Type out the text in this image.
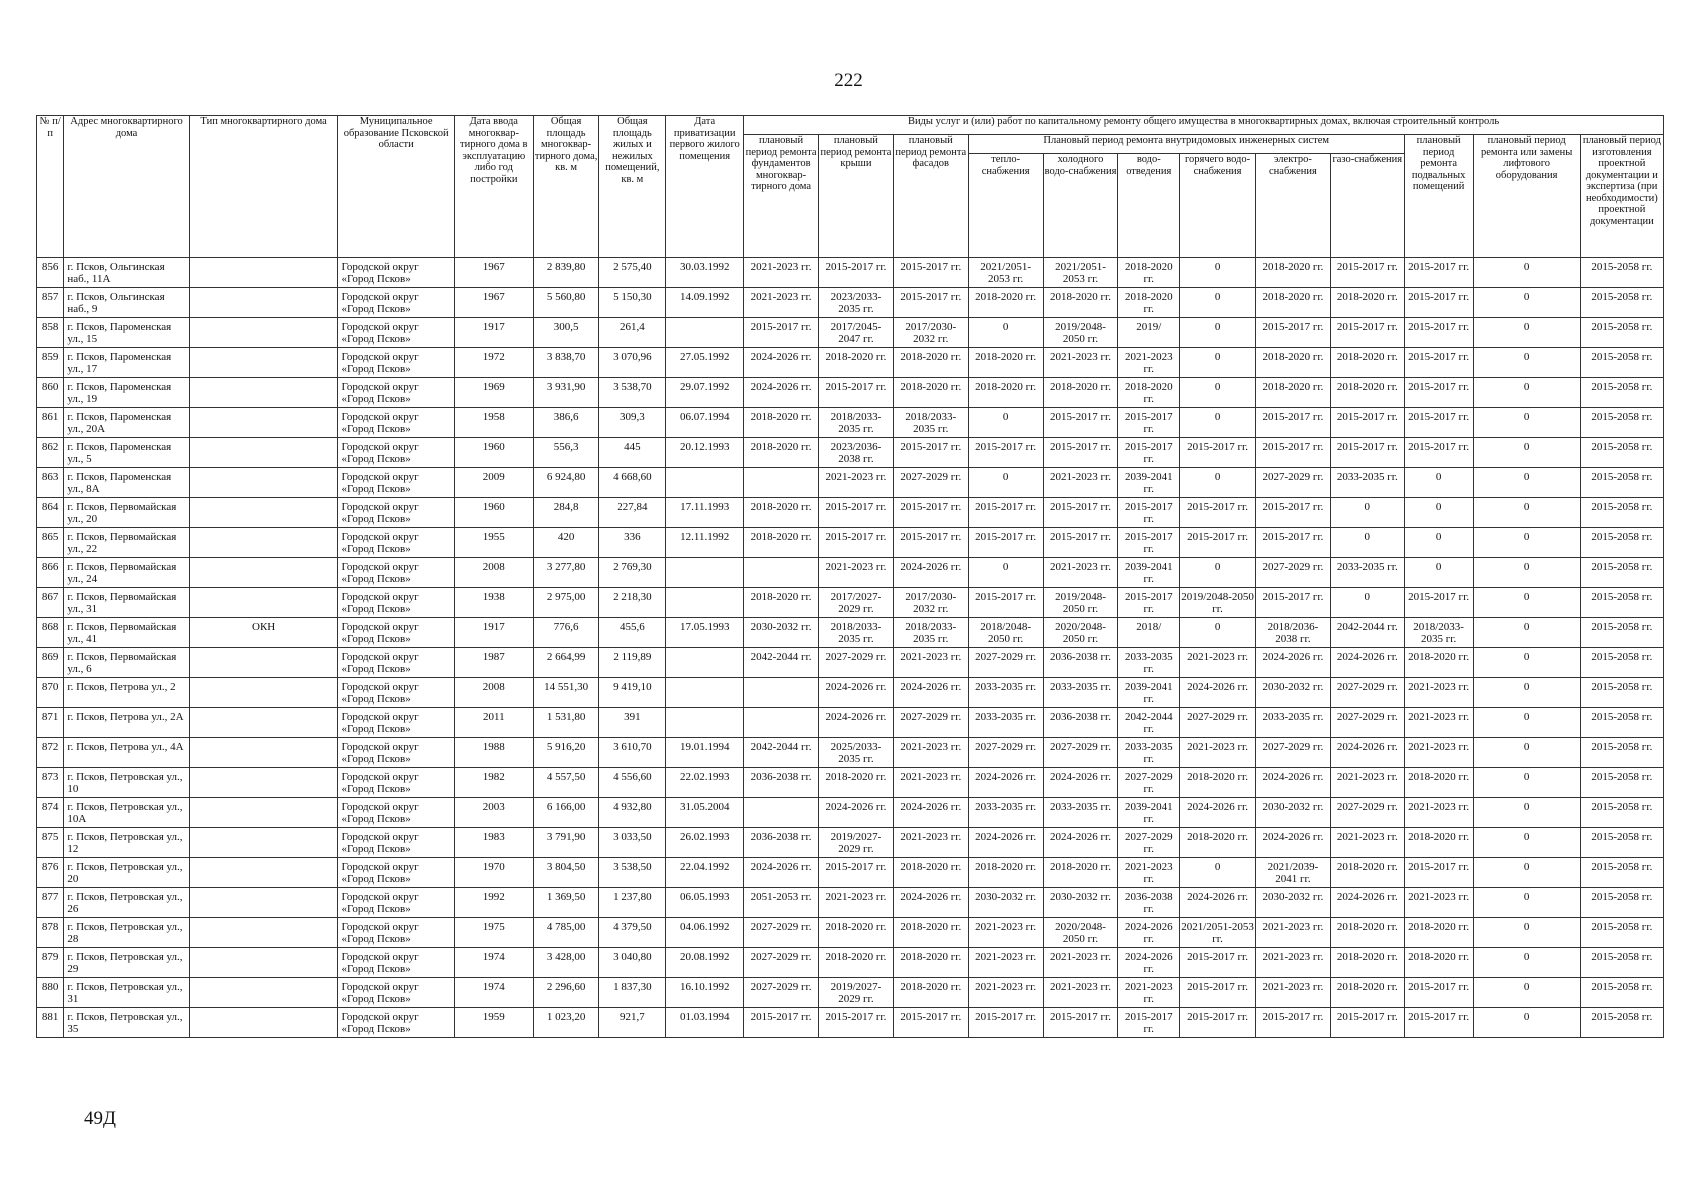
222
№ п/п	Адрес многоквартирного дома	Тип многоквартирного дома	Муниципальное образование Псковской области	Дата ввода многоквар-тирного дома в эксплуатацию либо год постройки	Общая площадь многоквар-тирного дома, кв. м	Общая площадь жилых и нежилых помещений, кв. м	Дата приватизации первого жилого помещения	Виды услуг и (или) работ по капитальному ремонту общего имущества в многоквартирных домах, включая строительный контроль											
								плановый период ремонта фундаментов многоквар-тирного дома	плановый период ремонта крыши	плановый период ремонта фасадов	Плановый период ремонта внутридомовых инженерных систем						плановый период ремонта подвальных помещений	плановый период ремонта или замены лифтового оборудования	плановый период изготовления проектной документации и экспертиза (при необходимости) проектной документации
											тепло-снабжения	холодного водо-снабжения	водо-отведения	горячего водо-снабжения	электро-снабжения	газо-снабжения			
856	г. Псков, Ольгинская наб., 11А		Городской округ «Город Псков»	1967	2 839,80	2 575,40	30.03.1992	2021-2023 гг.	2015-2017 гг.	2015-2017 гг.	2021/2051-2053 гг.	2021/2051-2053 гг.	2018-2020 гг.	0	2018-2020 гг.	2015-2017 гг.	2015-2017 гг.	0	2015-2058 гг.
857	г. Псков, Ольгинская наб., 9		Городской округ «Город Псков»	1967	5 560,80	5 150,30	14.09.1992	2021-2023 гг.	2023/2033-2035 гг.	2015-2017 гг.	2018-2020 гг.	2018-2020 гг.	2018-2020 гг.	0	2018-2020 гг.	2018-2020 гг.	2015-2017 гг.	0	2015-2058 гг.
858	г. Псков, Пароменская ул., 15		Городской округ «Город Псков»	1917	300,5	261,4		2015-2017 гг.	2017/2045-2047 гг.	2017/2030-2032 гг.	0	2019/2048-2050 гг.	2019/	0	2015-2017 гг.	2015-2017 гг.	2015-2017 гг.	0	2015-2058 гг.
859	г. Псков, Пароменская ул., 17		Городской округ «Город Псков»	1972	3 838,70	3 070,96	27.05.1992	2024-2026 гг.	2018-2020 гг.	2018-2020 гг.	2018-2020 гг.	2021-2023 гг.	2021-2023 гг.	0	2018-2020 гг.	2018-2020 гг.	2015-2017 гг.	0	2015-2058 гг.
860	г. Псков, Пароменская ул., 19		Городской округ «Город Псков»	1969	3 931,90	3 538,70	29.07.1992	2024-2026 гг.	2015-2017 гг.	2018-2020 гг.	2018-2020 гг.	2018-2020 гг.	2018-2020 гг.	0	2018-2020 гг.	2018-2020 гг.	2015-2017 гг.	0	2015-2058 гг.
861	г. Псков, Пароменская ул., 20А		Городской округ «Город Псков»	1958	386,6	309,3	06.07.1994	2018-2020 гг.	2018/2033-2035 гг.	2018/2033-2035 гг.	0	2015-2017 гг.	2015-2017 гг.	0	2015-2017 гг.	2015-2017 гг.	2015-2017 гг.	0	2015-2058 гг.
862	г. Псков, Пароменская ул., 5		Городской округ «Город Псков»	1960	556,3	445	20.12.1993	2018-2020 гг.	2023/2036-2038 гг.	2015-2017 гг.	2015-2017 гг.	2015-2017 гг.	2015-2017 гг.	2015-2017 гг.	2015-2017 гг.	2015-2017 гг.	2015-2017 гг.	0	2015-2058 гг.
863	г. Псков, Пароменская ул., 8А		Городской округ «Город Псков»	2009	6 924,80	4 668,60			2021-2023 гг.	2027-2029 гг.	0	2021-2023 гг.	2039-2041 гг.	0	2027-2029 гг.	2033-2035 гг.	0	0	2015-2058 гг.
864	г. Псков, Первомайская ул., 20		Городской округ «Город Псков»	1960	284,8	227,84	17.11.1993	2018-2020 гг.	2015-2017 гг.	2015-2017 гг.	2015-2017 гг.	2015-2017 гг.	2015-2017 гг.	2015-2017 гг.	2015-2017 гг.	0	0	0	2015-2058 гг.
865	г. Псков, Первомайская ул., 22		Городской округ «Город Псков»	1955	420	336	12.11.1992	2018-2020 гг.	2015-2017 гг.	2015-2017 гг.	2015-2017 гг.	2015-2017 гг.	2015-2017 гг.	2015-2017 гг.	2015-2017 гг.	0	0	0	2015-2058 гг.
866	г. Псков, Первомайская ул., 24		Городской округ «Город Псков»	2008	3 277,80	2 769,30			2021-2023 гг.	2024-2026 гг.	0	2021-2023 гг.	2039-2041 гг.	0	2027-2029 гг.	2033-2035 гг.	0	0	2015-2058 гг.
867	г. Псков, Первомайская ул., 31		Городской округ «Город Псков»	1938	2 975,00	2 218,30		2018-2020 гг.	2017/2027-2029 гг.	2017/2030-2032 гг.	2015-2017 гг.	2019/2048-2050 гг.	2015-2017 гг.	2019/2048-2050 гг.	2015-2017 гг.	0	2015-2017 гг.	0	2015-2058 гг.
868	г. Псков, Первомайская ул., 41	ОКН	Городской округ «Город Псков»	1917	776,6	455,6	17.05.1993	2030-2032 гг.	2018/2033-2035 гг.	2018/2033-2035 гг.	2018/2048-2050 гг.	2020/2048-2050 гг.	2018/	0	2018/2036-2038 гг.	2042-2044 гг.	2018/2033-2035 гг.	0	2015-2058 гг.
869	г. Псков, Первомайская ул., 6		Городской округ «Город Псков»	1987	2 664,99	2 119,89		2042-2044 гг.	2027-2029 гг.	2021-2023 гг.	2027-2029 гг.	2036-2038 гг.	2033-2035 гг.	2021-2023 гг.	2024-2026 гг.	2024-2026 гг.	2018-2020 гг.	0	2015-2058 гг.
870	г. Псков, Петрова ул., 2		Городской округ «Город Псков»	2008	14 551,30	9 419,10			2024-2026 гг.	2024-2026 гг.	2033-2035 гг.	2033-2035 гг.	2039-2041 гг.	2024-2026 гг.	2030-2032 гг.	2027-2029 гг.	2021-2023 гг.	0	2015-2058 гг.
871	г. Псков, Петрова ул., 2А		Городской округ «Город Псков»	2011	1 531,80	391			2024-2026 гг.	2027-2029 гг.	2033-2035 гг.	2036-2038 гг.	2042-2044 гг.	2027-2029 гг.	2033-2035 гг.	2027-2029 гг.	2021-2023 гг.	0	2015-2058 гг.
872	г. Псков, Петрова ул., 4А		Городской округ «Город Псков»	1988	5 916,20	3 610,70	19.01.1994	2042-2044 гг.	2025/2033-2035 гг.	2021-2023 гг.	2027-2029 гг.	2027-2029 гг.	2033-2035 гг.	2021-2023 гг.	2027-2029 гг.	2024-2026 гг.	2021-2023 гг.	0	2015-2058 гг.
873	г. Псков, Петровская ул., 10		Городской округ «Город Псков»	1982	4 557,50	4 556,60	22.02.1993	2036-2038 гг.	2018-2020 гг.	2021-2023 гг.	2024-2026 гг.	2024-2026 гг.	2027-2029 гг.	2018-2020 гг.	2024-2026 гг.	2021-2023 гг.	2018-2020 гг.	0	2015-2058 гг.
874	г. Псков, Петровская ул., 10А		Городской округ «Город Псков»	2003	6 166,00	4 932,80	31.05.2004		2024-2026 гг.	2024-2026 гг.	2033-2035 гг.	2033-2035 гг.	2039-2041 гг.	2024-2026 гг.	2030-2032 гг.	2027-2029 гг.	2021-2023 гг.	0	2015-2058 гг.
875	г. Псков, Петровская ул., 12		Городской округ «Город Псков»	1983	3 791,90	3 033,50	26.02.1993	2036-2038 гг.	2019/2027-2029 гг.	2021-2023 гг.	2024-2026 гг.	2024-2026 гг.	2027-2029 гг.	2018-2020 гг.	2024-2026 гг.	2021-2023 гг.	2018-2020 гг.	0	2015-2058 гг.
876	г. Псков, Петровская ул., 20		Городской округ «Город Псков»	1970	3 804,50	3 538,50	22.04.1992	2024-2026 гг.	2015-2017 гг.	2018-2020 гг.	2018-2020 гг.	2018-2020 гг.	2021-2023 гг.	0	2021/2039-2041 гг.	2018-2020 гг.	2015-2017 гг.	0	2015-2058 гг.
877	г. Псков, Петровская ул., 26		Городской округ «Город Псков»	1992	1 369,50	1 237,80	06.05.1993	2051-2053 гг.	2021-2023 гг.	2024-2026 гг.	2030-2032 гг.	2030-2032 гг.	2036-2038 гг.	2024-2026 гг.	2030-2032 гг.	2024-2026 гг.	2021-2023 гг.	0	2015-2058 гг.
878	г. Псков, Петровская ул., 28		Городской округ «Город Псков»	1975	4 785,00	4 379,50	04.06.1992	2027-2029 гг.	2018-2020 гг.	2018-2020 гг.	2021-2023 гг.	2020/2048-2050 гг.	2024-2026 гг.	2021/2051-2053 гг.	2021-2023 гг.	2018-2020 гг.	2018-2020 гг.	0	2015-2058 гг.
879	г. Псков, Петровская ул., 29		Городской округ «Город Псков»	1974	3 428,00	3 040,80	20.08.1992	2027-2029 гг.	2018-2020 гг.	2018-2020 гг.	2021-2023 гг.	2021-2023 гг.	2024-2026 гг.	2015-2017 гг.	2021-2023 гг.	2018-2020 гг.	2018-2020 гг.	0	2015-2058 гг.
880	г. Псков, Петровская ул., 31		Городской округ «Город Псков»	1974	2 296,60	1 837,30	16.10.1992	2027-2029 гг.	2019/2027-2029 гг.	2018-2020 гг.	2021-2023 гг.	2021-2023 гг.	2021-2023 гг.	2015-2017 гг.	2021-2023 гг.	2018-2020 гг.	2015-2017 гг.	0	2015-2058 гг.
881	г. Псков, Петровская ул., 35		Городской округ «Город Псков»	1959	1 023,20	921,7	01.03.1994	2015-2017 гг.	2015-2017 гг.	2015-2017 гг.	2015-2017 гг.	2015-2017 гг.	2015-2017 гг.	2015-2017 гг.	2015-2017 гг.	2015-2017 гг.	2015-2017 гг.	0	2015-2058 гг.
49Д
